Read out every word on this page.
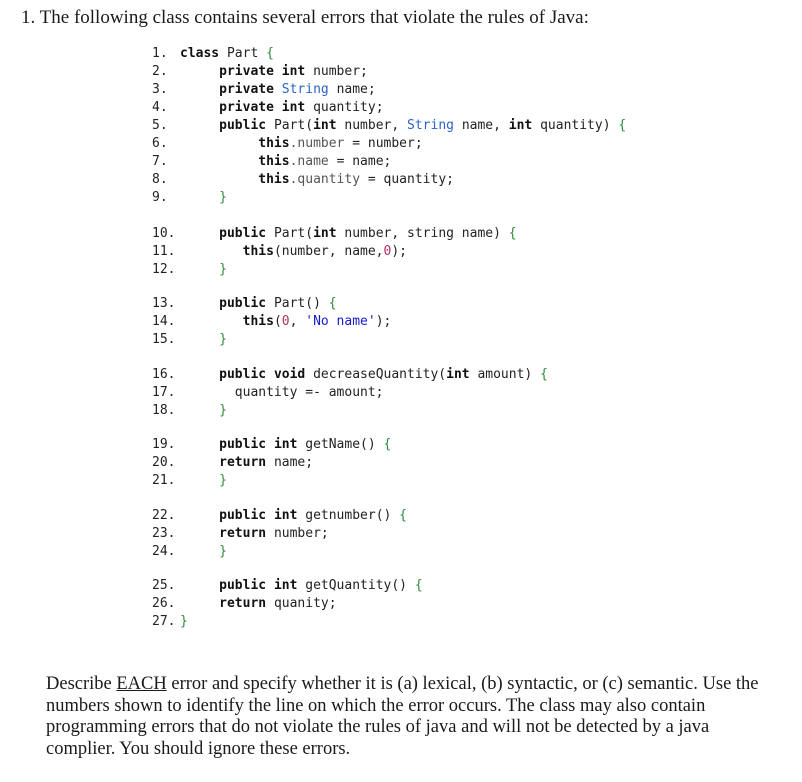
1. The following class contains several errors that violate the rules of Java:
1. class Part {
2.	private int number;
3.	private String name;
4.	private int quantity;
5.	public Part(int number, String name, int quantity) {
6.	this.number = number;
7.	this.name = name;
8.	this.quantity = quantity;
9.	}
10.	public Part(int number, string name) {
11.	this(number, name,0);
12.	}
13.	public Part() {
14.	this(0, 'No name');
15.	}
16.	public void decreaseQuantity(int amount) {
17.	quantity =- amount;
18.	}
19.	public int getName() {
20.	return name;
21.	}
22.	public int getnumber() {
23.	return number;
24.	}
25.	public int getQuantity() {
26.	return quanity;
27. }

Describe EACH error and specify whether it is (a) lexical, (b) syntactic, or (c) semantic. Use the numbers shown to identify the line on which the error occurs. The class may also contain programming errors that do not violate the rules of java and will not be detected by a java complier. You should ignore these errors.
